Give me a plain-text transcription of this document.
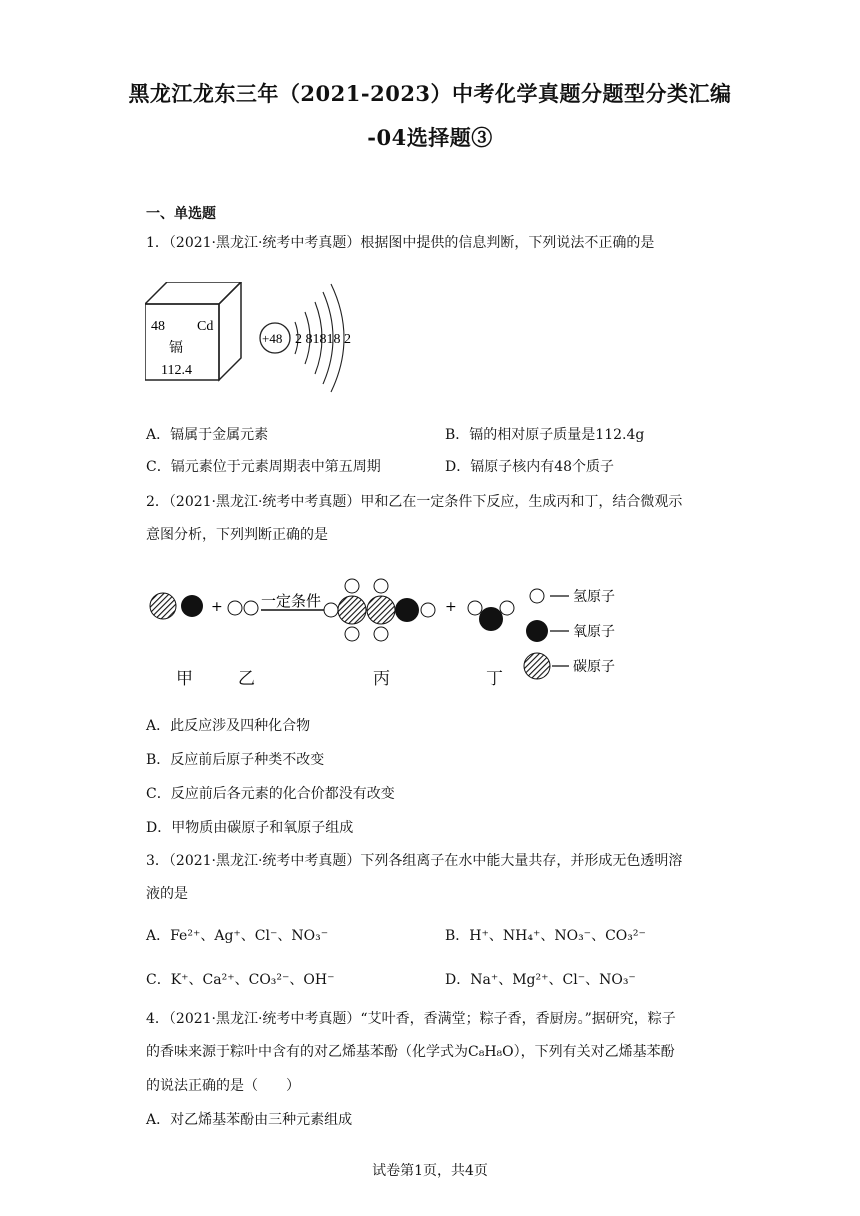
黑龙江龙东三年（2021-2023）中考化学真题分题型分类汇编
-04选择题③
一、单选题
1．（2021·黑龙江·统考中考真题）根据图中提供的信息判断，下列说法不正确的是
48 Cd
镉
112.4
+48 2 81818 2
A．镉属于金属元素	B．镉的相对原子质量是112.4g
C．镉元素位于元素周期表中第五周期	D．镉原子核内有48个质子
2．（2021·黑龙江·统考中考真题）甲和乙在一定条件下反应，生成丙和丁，结合微观示
意图分析，下列判断正确的是
+	一定条件	+
氢原子
氧原子
碳原子
甲	乙	丙	丁
A．此反应涉及四种化合物
B．反应前后原子种类不改变
C．反应前后各元素的化合价都没有改变
D．甲物质由碳原子和氧原子组成
3．（2021·黑龙江·统考中考真题）下列各组离子在水中能大量共存，并形成无色透明溶
液的是
A．Fe²⁺、Ag⁺、Cl⁻、NO₃⁻	B．H⁺、NH₄⁺、NO₃⁻、CO₃²⁻
C．K⁺、Ca²⁺、CO₃²⁻、OH⁻	D．Na⁺、Mg²⁺、Cl⁻、NO₃⁻
4．（2021·黑龙江·统考中考真题）“艾叶香，香满堂；粽子香，香厨房。”据研究，粽子
的香味来源于粽叶中含有的对乙烯基苯酚（化学式为C₈H₈O），下列有关对乙烯基苯酚
的说法正确的是（　　）
A．对乙烯基苯酚由三种元素组成
试卷第1页，共4页
